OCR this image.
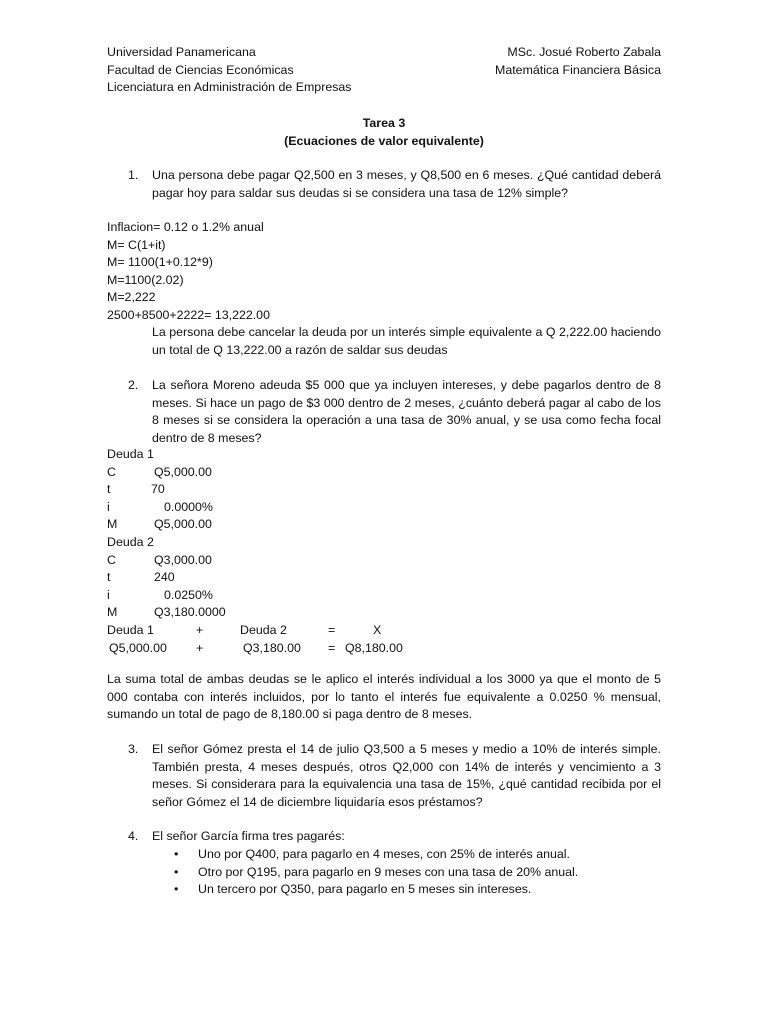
Universidad Panamericana
Facultad de Ciencias Económicas
Licenciatura en Administración de Empresas
MSc. Josué Roberto Zabala
Matemática Financiera Básica
Tarea 3
(Ecuaciones de valor equivalente)
1. Una persona debe pagar Q2,500 en 3 meses, y Q8,500 en 6 meses. ¿Qué cantidad deberá pagar hoy para saldar sus deudas si se considera una tasa de 12% simple?
Inflacion= 0.12 o 1.2% anual
M= C(1+it)
M= 1100(1+0.12*9)
M=1100(2.02)
M=2,222
2500+8500+2222= 13,222.00
La persona debe cancelar la deuda por un interés simple equivalente a Q 2,222.00 haciendo un total de Q 13,222.00 a razón de saldar sus deudas
2. La señora Moreno adeuda $5 000 que ya incluyen intereses, y debe pagarlos dentro de 8 meses. Si hace un pago de $3 000 dentro de 2 meses, ¿cuánto deberá pagar al cabo de los 8 meses si se considera la operación a una tasa de 30% anual, y se usa como fecha focal dentro de 8 meses?
Deuda 1
C	Q5,000.00
t	70
i	0.0000%
M	Q5,000.00
Deuda 2
C	Q3,000.00
t	240
i	0.0250%
M	Q3,180.0000
Deuda 1	+	Deuda 2	=	X
Q5,000.00 +	Q3,180.00 = Q8,180.00
La suma total de ambas deudas se le aplico el interés individual a los 3000 ya que el monto de 5 000 contaba con interés incluidos, por lo tanto el interés fue equivalente a 0.0250 % mensual, sumando un total de pago de 8,180.00 si paga dentro de 8 meses.
3. El señor Gómez presta el 14 de julio Q3,500 a 5 meses y medio a 10% de interés simple. También presta, 4 meses después, otros Q2,000 con 14% de interés y vencimiento a 3 meses. Si considerara para la equivalencia una tasa de 15%, ¿qué cantidad recibida por el señor Gómez el 14 de diciembre liquidaría esos préstamos?
4. El señor García firma tres pagarés:
• Uno por Q400, para pagarlo en 4 meses, con 25% de interés anual.
• Otro por Q195, para pagarlo en 9 meses con una tasa de 20% anual.
• Un tercero por Q350, para pagarlo en 5 meses sin intereses.
